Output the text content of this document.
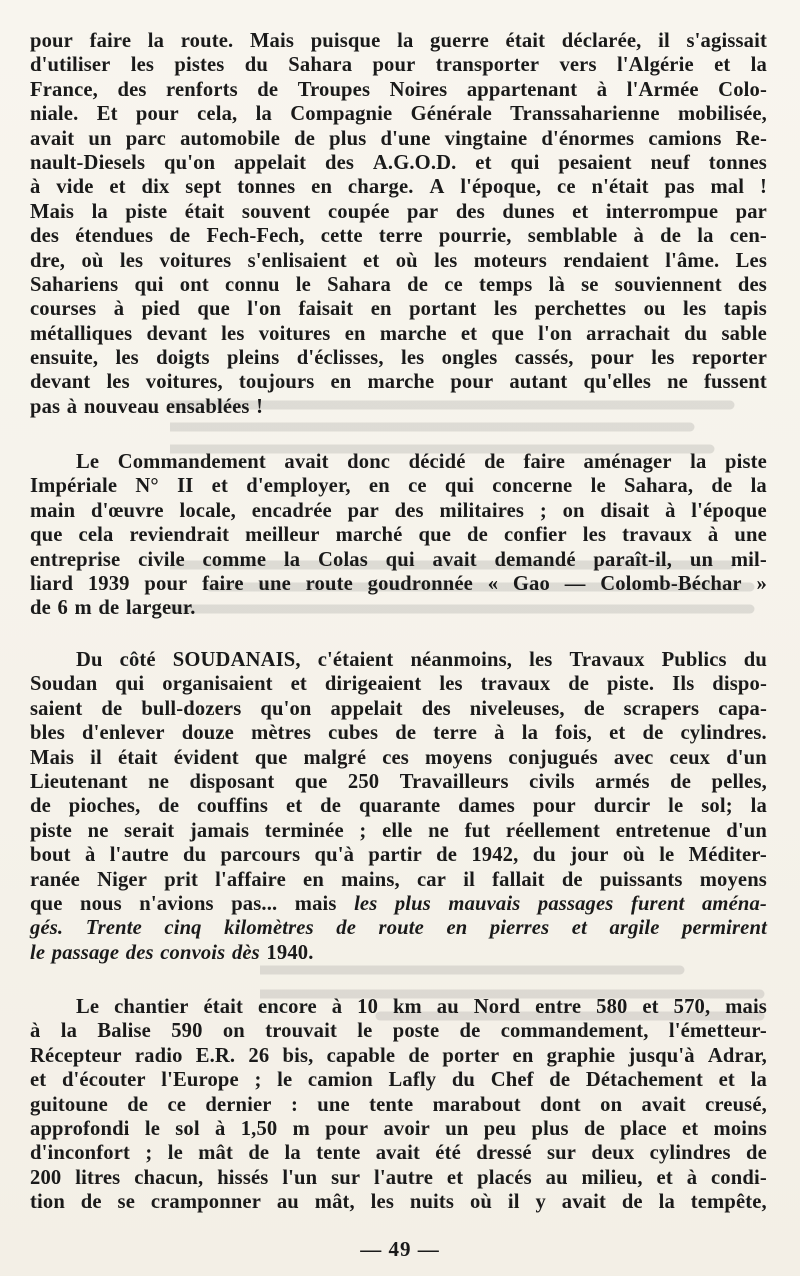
pour faire la route. Mais puisque la guerre était déclarée, il s'agissait
d'utiliser les pistes du Sahara pour transporter vers l'Algérie et la
France, des renforts de Troupes Noires appartenant à l'Armée Colo-
niale. Et pour cela, la Compagnie Générale Transsaharienne mobilisée,
avait un parc automobile de plus d'une vingtaine d'énormes camions Re-
nault-Diesels qu'on appelait des A.G.O.D. et qui pesaient neuf tonnes
à vide et dix sept tonnes en charge. A l'époque, ce n'était pas mal !
Mais la piste était souvent coupée par des dunes et interrompue par
des étendues de Fech-Fech, cette terre pourrie, semblable à de la cen-
dre, où les voitures s'enlisaient et où les moteurs rendaient l'âme. Les
Sahariens qui ont connu le Sahara de ce temps là se souviennent des
courses à pied que l'on faisait en portant les perchettes ou les tapis
métalliques devant les voitures en marche et que l'on arrachait du sable
ensuite, les doigts pleins d'éclisses, les ongles cassés, pour les reporter
devant les voitures, toujours en marche pour autant qu'elles ne fussent
pas à nouveau ensablées !
Le Commandement avait donc décidé de faire aménager la piste
Impériale N° II et d'employer, en ce qui concerne le Sahara, de la
main d'œuvre locale, encadrée par des militaires ; on disait à l'époque
que cela reviendrait meilleur marché que de confier les travaux à une
entreprise civile comme la Colas qui avait demandé paraît-il, un mil-
liard 1939 pour faire une route goudronnée « Gao — Colomb-Béchar »
de 6 m de largeur.
Du côté SOUDANAIS, c'étaient néanmoins, les Travaux Publics du
Soudan qui organisaient et dirigeaient les travaux de piste. Ils dispo-
saient de bull-dozers qu'on appelait des niveleuses, de scrapers capa-
bles d'enlever douze mètres cubes de terre à la fois, et de cylindres.
Mais il était évident que malgré ces moyens conjugués avec ceux d'un
Lieutenant ne disposant que 250 Travailleurs civils armés de pelles,
de pioches, de couffins et de quarante dames pour durcir le sol; la
piste ne serait jamais terminée ; elle ne fut réellement entretenue d'un
bout à l'autre du parcours qu'à partir de 1942, du jour où le Méditer-
ranée Niger prit l'affaire en mains, car il fallait de puissants moyens
que nous n'avions pas... mais les plus mauvais passages furent aména-
gés. Trente cinq kilomètres de route en pierres et argile permirent
le passage des convois dès 1940.
Le chantier était encore à 10 km au Nord entre 580 et 570, mais
à la Balise 590 on trouvait le poste de commandement, l'émetteur-
Récepteur radio E.R. 26 bis, capable de porter en graphie jusqu'à Adrar,
et d'écouter l'Europe ; le camion Lafly du Chef de Détachement et la
guitoune de ce dernier : une tente marabout dont on avait creusé,
approfondi le sol à 1,50 m pour avoir un peu plus de place et moins
d'inconfort ; le mât de la tente avait été dressé sur deux cylindres de
200 litres chacun, hissés l'un sur l'autre et placés au milieu, et à condi-
tion de se cramponner au mât, les nuits où il y avait de la tempête,
— 49 —
